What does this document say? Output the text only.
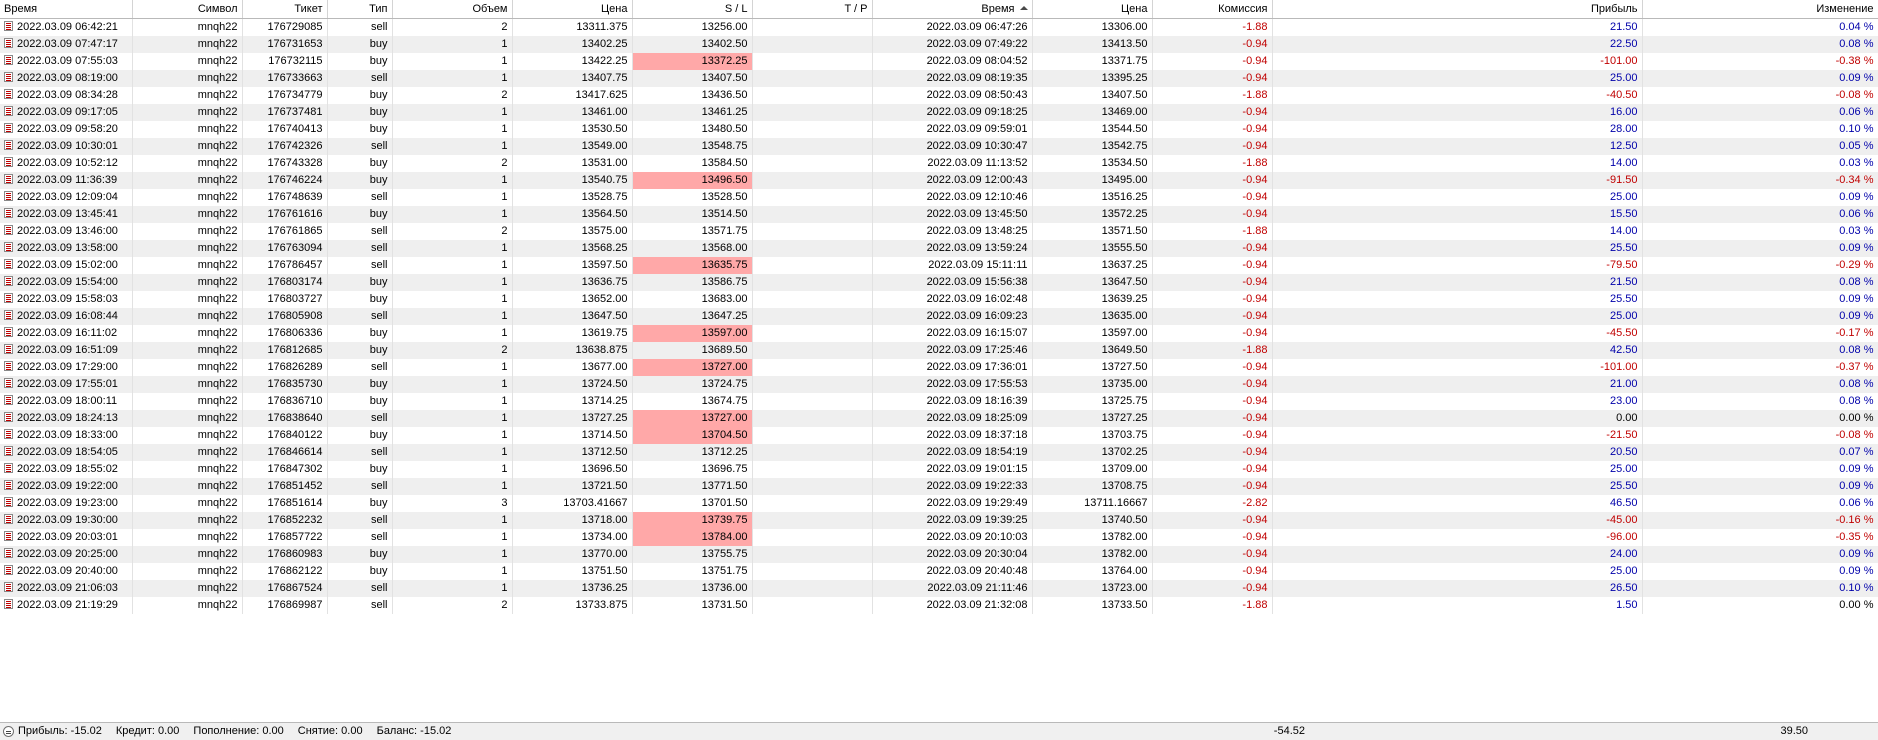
Время	Символ	Тикет	Тип	Объем	Цена	S / L	T / P	Время	Цена	Комиссия	Прибыль	Изменение
2022.03.09 06:42:21	mnqh22	176729085	sell	2	13311.375	13256.00		2022.03.09 06:47:26	13306.00	-1.88	21.50	0.04 %
2022.03.09 07:47:17	mnqh22	176731653	buy	1	13402.25	13402.50		2022.03.09 07:49:22	13413.50	-0.94	22.50	0.08 %
2022.03.09 07:55:03	mnqh22	176732115	buy	1	13422.25	13372.25		2022.03.09 08:04:52	13371.75	-0.94	-101.00	-0.38 %
2022.03.09 08:19:00	mnqh22	176733663	sell	1	13407.75	13407.50		2022.03.09 08:19:35	13395.25	-0.94	25.00	0.09 %
2022.03.09 08:34:28	mnqh22	176734779	buy	2	13417.625	13436.50		2022.03.09 08:50:43	13407.50	-1.88	-40.50	-0.08 %
2022.03.09 09:17:05	mnqh22	176737481	buy	1	13461.00	13461.25		2022.03.09 09:18:25	13469.00	-0.94	16.00	0.06 %
2022.03.09 09:58:20	mnqh22	176740413	buy	1	13530.50	13480.50		2022.03.09 09:59:01	13544.50	-0.94	28.00	0.10 %
2022.03.09 10:30:01	mnqh22	176742326	sell	1	13549.00	13548.75		2022.03.09 10:30:47	13542.75	-0.94	12.50	0.05 %
2022.03.09 10:52:12	mnqh22	176743328	buy	2	13531.00	13584.50		2022.03.09 11:13:52	13534.50	-1.88	14.00	0.03 %
2022.03.09 11:36:39	mnqh22	176746224	buy	1	13540.75	13496.50		2022.03.09 12:00:43	13495.00	-0.94	-91.50	-0.34 %
2022.03.09 12:09:04	mnqh22	176748639	sell	1	13528.75	13528.50		2022.03.09 12:10:46	13516.25	-0.94	25.00	0.09 %
2022.03.09 13:45:41	mnqh22	176761616	buy	1	13564.50	13514.50		2022.03.09 13:45:50	13572.25	-0.94	15.50	0.06 %
2022.03.09 13:46:00	mnqh22	176761865	sell	2	13575.00	13571.75		2022.03.09 13:48:25	13571.50	-1.88	14.00	0.03 %
2022.03.09 13:58:00	mnqh22	176763094	sell	1	13568.25	13568.00		2022.03.09 13:59:24	13555.50	-0.94	25.50	0.09 %
2022.03.09 15:02:00	mnqh22	176786457	sell	1	13597.50	13635.75		2022.03.09 15:11:11	13637.25	-0.94	-79.50	-0.29 %
2022.03.09 15:54:00	mnqh22	176803174	buy	1	13636.75	13586.75		2022.03.09 15:56:38	13647.50	-0.94	21.50	0.08 %
2022.03.09 15:58:03	mnqh22	176803727	buy	1	13652.00	13683.00		2022.03.09 16:02:48	13639.25	-0.94	25.50	0.09 %
2022.03.09 16:08:44	mnqh22	176805908	sell	1	13647.50	13647.25		2022.03.09 16:09:23	13635.00	-0.94	25.00	0.09 %
2022.03.09 16:11:02	mnqh22	176806336	buy	1	13619.75	13597.00		2022.03.09 16:15:07	13597.00	-0.94	-45.50	-0.17 %
2022.03.09 16:51:09	mnqh22	176812685	buy	2	13638.875	13689.50		2022.03.09 17:25:46	13649.50	-1.88	42.50	0.08 %
2022.03.09 17:29:00	mnqh22	176826289	sell	1	13677.00	13727.00		2022.03.09 17:36:01	13727.50	-0.94	-101.00	-0.37 %
2022.03.09 17:55:01	mnqh22	176835730	buy	1	13724.50	13724.75		2022.03.09 17:55:53	13735.00	-0.94	21.00	0.08 %
2022.03.09 18:00:11	mnqh22	176836710	buy	1	13714.25	13674.75		2022.03.09 18:16:39	13725.75	-0.94	23.00	0.08 %
2022.03.09 18:24:13	mnqh22	176838640	sell	1	13727.25	13727.00		2022.03.09 18:25:09	13727.25	-0.94	0.00	0.00 %
2022.03.09 18:33:00	mnqh22	176840122	buy	1	13714.50	13704.50		2022.03.09 18:37:18	13703.75	-0.94	-21.50	-0.08 %
2022.03.09 18:54:05	mnqh22	176846614	sell	1	13712.50	13712.25		2022.03.09 18:54:19	13702.25	-0.94	20.50	0.07 %
2022.03.09 18:55:02	mnqh22	176847302	buy	1	13696.50	13696.75		2022.03.09 19:01:15	13709.00	-0.94	25.00	0.09 %
2022.03.09 19:22:00	mnqh22	176851452	sell	1	13721.50	13771.50		2022.03.09 19:22:33	13708.75	-0.94	25.50	0.09 %
2022.03.09 19:23:00	mnqh22	176851614	buy	3	13703.41667	13701.50		2022.03.09 19:29:49	13711.16667	-2.82	46.50	0.06 %
2022.03.09 19:30:00	mnqh22	176852232	sell	1	13718.00	13739.75		2022.03.09 19:39:25	13740.50	-0.94	-45.00	-0.16 %
2022.03.09 20:03:01	mnqh22	176857722	sell	1	13734.00	13784.00		2022.03.09 20:10:03	13782.00	-0.94	-96.00	-0.35 %
2022.03.09 20:25:00	mnqh22	176860983	buy	1	13770.00	13755.75		2022.03.09 20:30:04	13782.00	-0.94	24.00	0.09 %
2022.03.09 20:40:00	mnqh22	176862122	buy	1	13751.50	13751.75		2022.03.09 20:40:48	13764.00	-0.94	25.00	0.09 %
2022.03.09 21:06:03	mnqh22	176867524	sell	1	13736.25	13736.00		2022.03.09 21:11:46	13723.00	-0.94	26.50	0.10 %
2022.03.09 21:19:29	mnqh22	176869987	sell	2	13733.875	13731.50		2022.03.09 21:32:08	13733.50	-1.88	1.50	0.00 %
Прибыль: -15.02 Кредит: 0.00 Пополнение: 0.00 Снятие: 0.00 Баланс: -15.02	-54.52	39.50
